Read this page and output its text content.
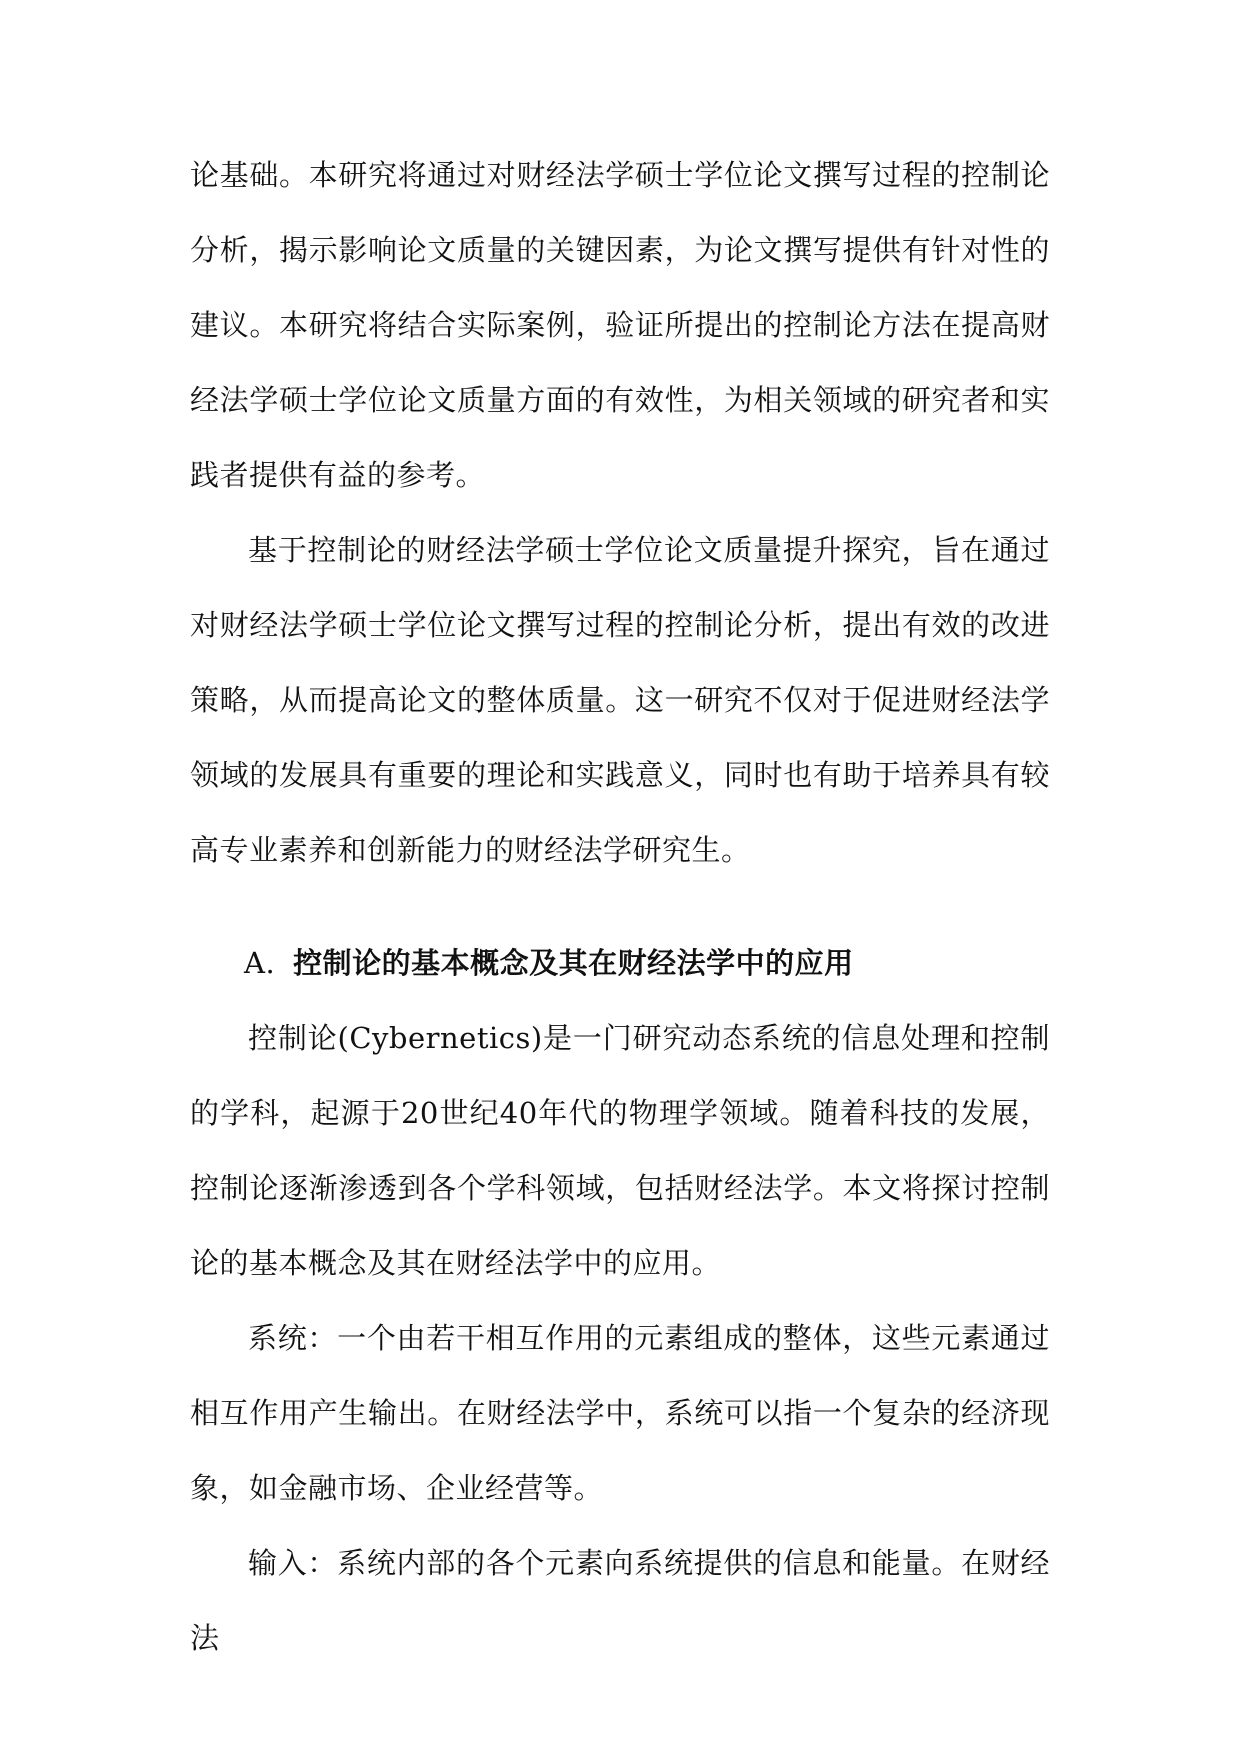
论基础。本研究将通过对财经法学硕士学位论文撰写过程的控制论分析，揭示影响论文质量的关键因素，为论文撰写提供有针对性的建议。本研究将结合实际案例，验证所提出的控制论方法在提高财经法学硕士学位论文质量方面的有效性，为相关领域的研究者和实践者提供有益的参考。

基于控制论的财经法学硕士学位论文质量提升探究，旨在通过对财经法学硕士学位论文撰写过程的控制论分析，提出有效的改进策略，从而提高论文的整体质量。这一研究不仅对于促进财经法学领域的发展具有重要的理论和实践意义，同时也有助于培养具有较高专业素养和创新能力的财经法学研究生。

A. 控制论的基本概念及其在财经法学中的应用

控制论(Cybernetics)是一门研究动态系统的信息处理和控制的学科，起源于20世纪40年代的物理学领域。随着科技的发展，控制论逐渐渗透到各个学科领域，包括财经法学。本文将探讨控制论的基本概念及其在财经法学中的应用。

系统：一个由若干相互作用的元素组成的整体，这些元素通过相互作用产生输出。在财经法学中，系统可以指一个复杂的经济现象，如金融市场、企业经营等。

输入：系统内部的各个元素向系统提供的信息和能量。在财经法
